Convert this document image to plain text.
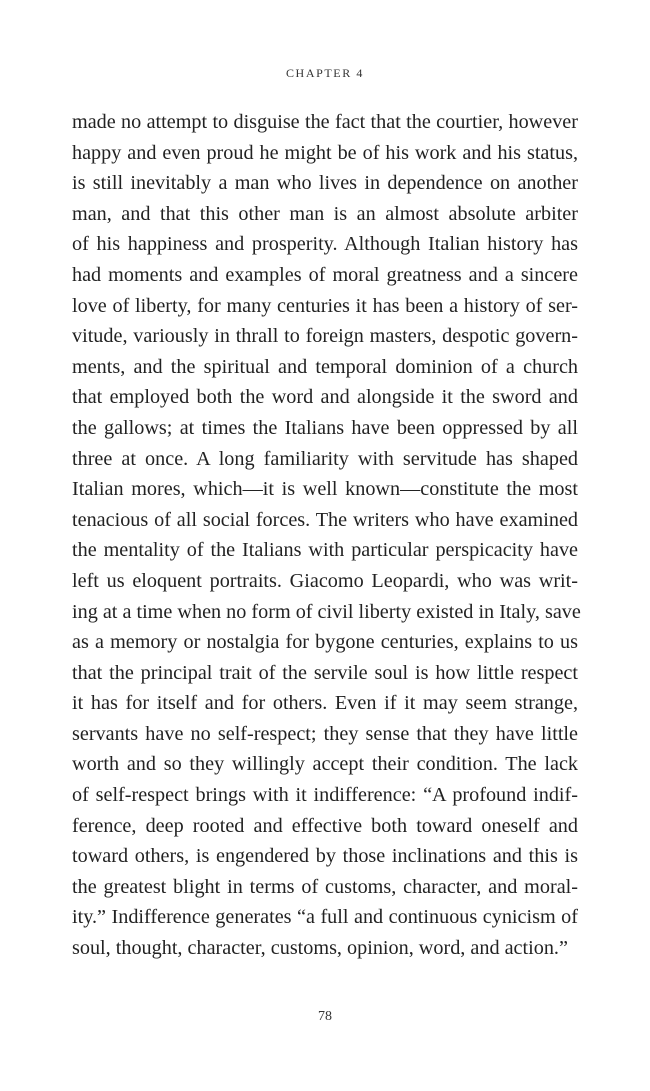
CHAPTER 4
made no attempt to disguise the fact that the courtier, however
happy and even proud he might be of his work and his status,
is still inevitably a man who lives in dependence on another
man, and that this other man is an almost absolute arbiter
of his happiness and prosperity. Although Italian history has
had moments and examples of moral greatness and a sincere
love of liberty, for many centuries it has been a history of ser-
vitude, variously in thrall to foreign masters, despotic govern-
ments, and the spiritual and temporal dominion of a church
that employed both the word and alongside it the sword and
the gallows; at times the Italians have been oppressed by all
three at once. A long familiarity with servitude has shaped
Italian mores, which—it is well known—constitute the most
tenacious of all social forces. The writers who have examined
the mentality of the Italians with particular perspicacity have
left us eloquent portraits. Giacomo Leopardi, who was writ-
ing at a time when no form of civil liberty existed in Italy, save
as a memory or nostalgia for bygone centuries, explains to us
that the principal trait of the servile soul is how little respect
it has for itself and for others. Even if it may seem strange,
servants have no self-respect; they sense that they have little
worth and so they willingly accept their condition. The lack
of self-respect brings with it indifference: “A profound indif-
ference, deep rooted and effective both toward oneself and
toward others, is engendered by those inclinations and this is
the greatest blight in terms of customs, character, and moral-
ity.” Indifference generates “a full and continuous cynicism of
soul, thought, character, customs, opinion, word, and action.”
78
